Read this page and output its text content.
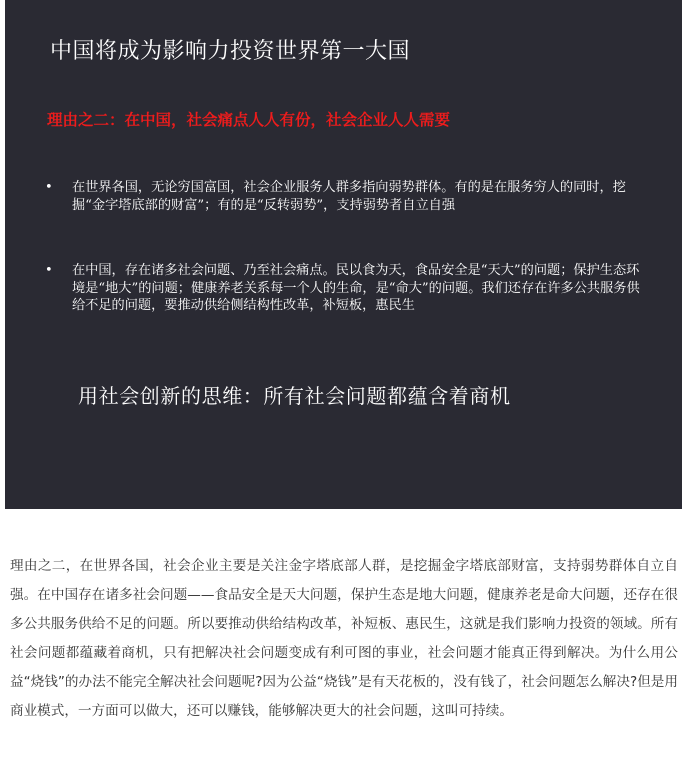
中国将成为影响力投资世界第一大国
理由之二：在中国，社会痛点人人有份，社会企业人人需要
• 在世界各国，无论穷国富国，社会企业服务人群多指向弱势群体。有的是在服务穷人的同时，挖掘“金字塔底部的财富”；有的是“反转弱势”，支持弱势者自立自强
• 在中国，存在诸多社会问题、乃至社会痛点。民以食为天，食品安全是“天大”的问题；保护生态环境是“地大”的问题；健康养老关系每一个人的生命，是“命大”的问题。我们还存在许多公共服务供给不足的问题，要推动供给侧结构性改革，补短板，惠民生
用社会创新的思维：所有社会问题都蕴含着商机

理由之二，在世界各国，社会企业主要是关注金字塔底部人群，是挖掘金字塔底部财富，支持弱势群体自立自强。在中国存在诸多社会问题——食品安全是天大问题，保护生态是地大问题，健康养老是命大问题，还存在很多公共服务供给不足的问题。所以要推动供给结构改革，补短板、惠民生，这就是我们影响力投资的领域。所有社会问题都蕴藏着商机，只有把解决社会问题变成有利可图的事业，社会问题才能真正得到解决。为什么用公益“烧钱”的办法不能完全解决社会问题呢?因为公益“烧钱”是有天花板的，没有钱了，社会问题怎么解决?但是用商业模式，一方面可以做大，还可以赚钱，能够解决更大的社会问题，这叫可持续。
